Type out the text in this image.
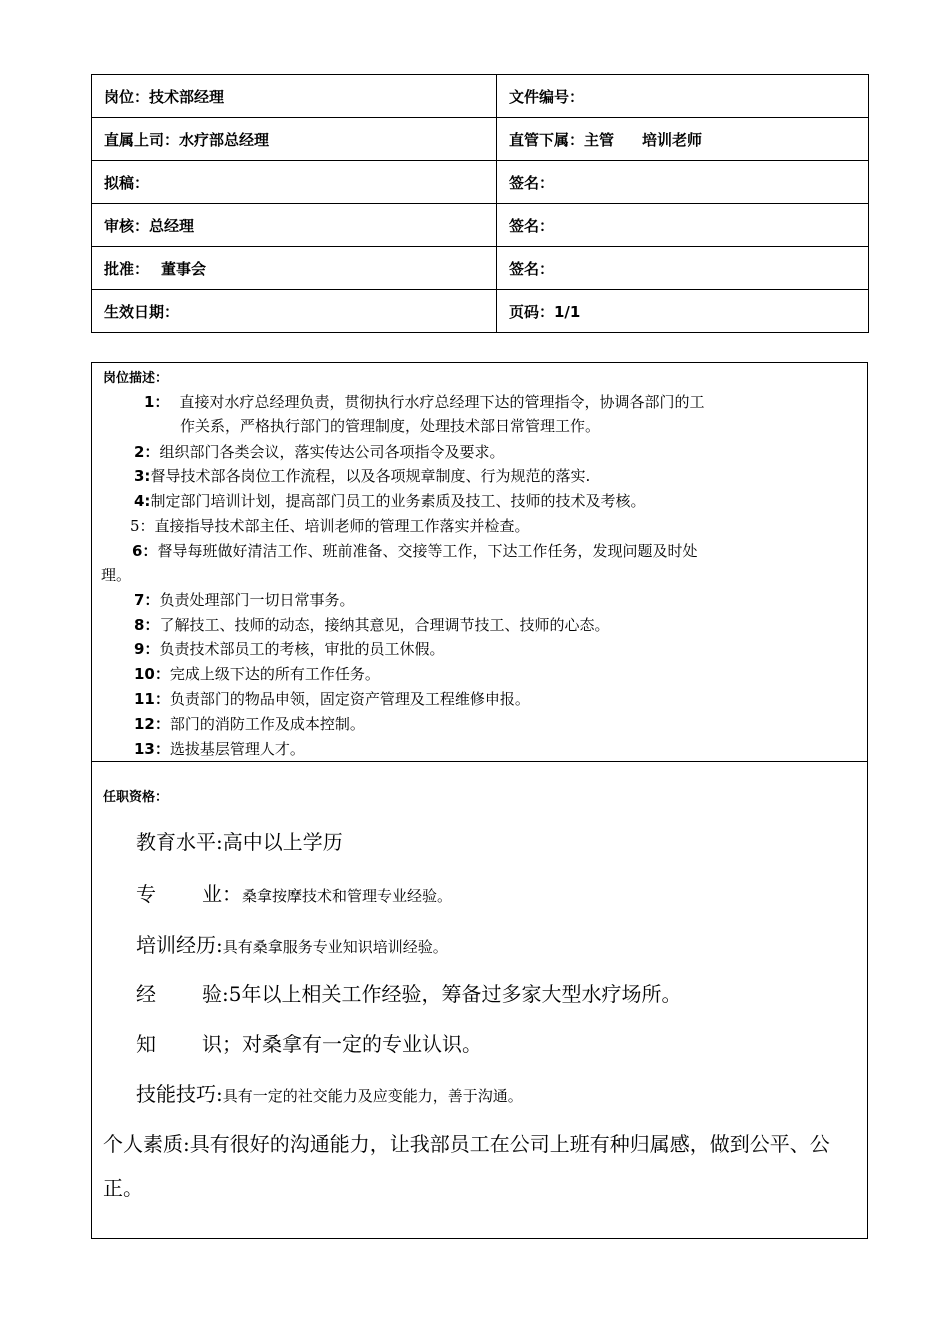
岗位：技术部经理	文件编号：
直属上司：水疗部总经理	直管下属：主管 培训老师
拟稿：	签名：
审核：总经理	签名：
批准： 董事会	签名：
生效日期：	页码：1/1
岗位描述：
1： 直接对水疗总经理负责，贯彻执行水疗总经理下达的管理指令，协调各部门的工
作关系，严格执行部门的管理制度，处理技术部日常管理工作。
2：组织部门各类会议，落实传达公司各项指令及要求。
3:督导技术部各岗位工作流程，以及各项规章制度、行为规范的落实.
4:制定部门培训计划，提高部门员工的业务素质及技工、技师的技术及考核。
5：直接指导技术部主任、培训老师的管理工作落实并检查。
6：督导每班做好清洁工作、班前准备、交接等工作，下达工作任务，发现问题及时处
理。
7：负责处理部门一切日常事务。
8：了解技工、技师的动态，接纳其意见，合理调节技工、技师的心态。
9：负责技术部员工的考核，审批的员工休假。
10：完成上级下达的所有工作任务。
11：负责部门的物品申领，固定资产管理及工程维修申报。
12：部门的消防工作及成本控制。
13：选拔基层管理人才。
任职资格：
教育水平:高中以上学历
专 业：桑拿按摩技术和管理专业经验。
培训经历:具有桑拿服务专业知识培训经验。
经 验:5年以上相关工作经验，筹备过多家大型水疗场所。
知 识；对桑拿有一定的专业认识。
技能技巧:具有一定的社交能力及应变能力，善于沟通。
个人素质:具有很好的沟通能力，让我部员工在公司上班有种归属感，做到公平、公正。
